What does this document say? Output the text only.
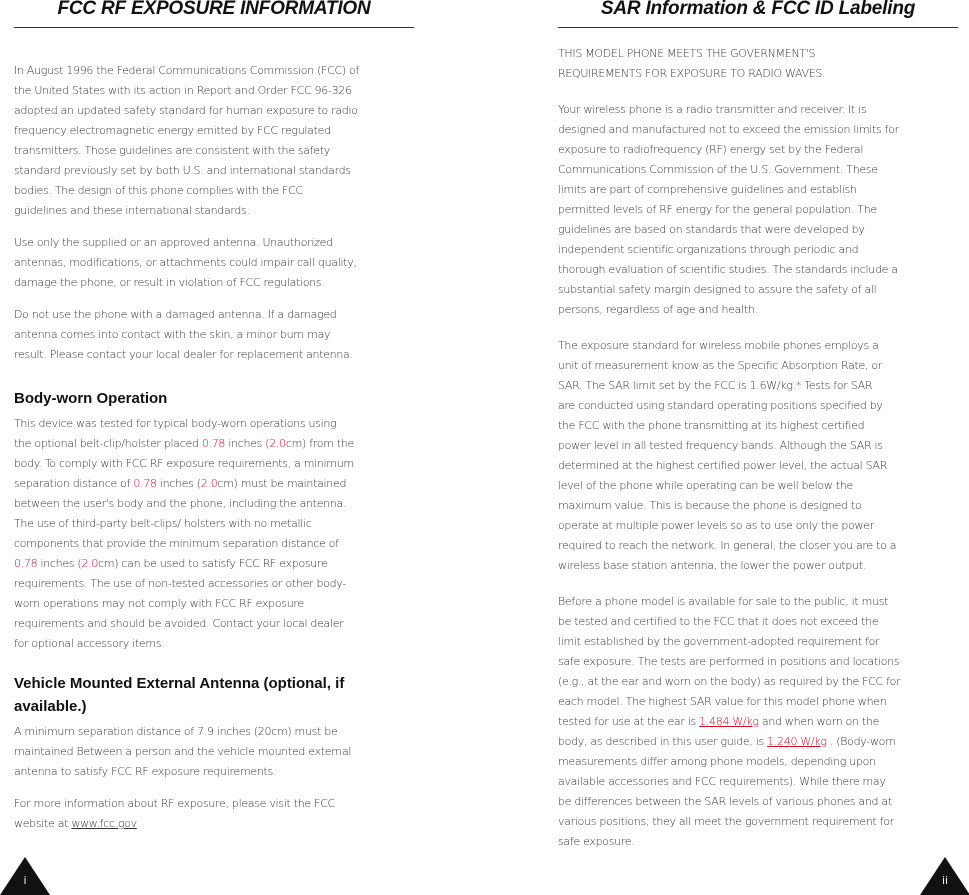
FCC RF EXPOSURE INFORMATION

In August 1996 the Federal Communications Commission (FCC) of
the United States with its action in Report and Order FCC 96-326
adopted an updated safety standard for human exposure to radio
frequency electromagnetic energy emitted by FCC regulated
transmitters. Those guidelines are consistent with the safety
standard previously set by both U.S. and international standards
bodies. The design of this phone complies with the FCC
guidelines and these international standards.

Use only the supplied or an approved antenna. Unauthorized
antennas, modifications, or attachments could impair call quality,
damage the phone, or result in violation of FCC regulations.

Do not use the phone with a damaged antenna. If a damaged
antenna comes into contact with the skin, a minor burn may
result. Please contact your local dealer for replacement antenna.

Body-worn Operation

This device was tested for typical body-worn operations using
the optional belt-clip/holster placed 0.78 inches (2.0cm) from the
body. To comply with FCC RF exposure requirements, a minimum
separation distance of 0.78 inches (2.0cm) must be maintained
between the user's body and the phone, including the antenna.
The use of third-party belt-clips/ holsters with no metallic
components that provide the minimum separation distance of
0.78 inches (2.0cm) can be used to satisfy FCC RF exposure
requirements. The use of non-tested accessories or other body-
worn operations may not comply with FCC RF exposure
requirements and should be avoided. Contact your local dealer
for optional accessory items.

Vehicle Mounted External Antenna (optional, if
available.)

A minimum separation distance of 7.9 inches (20cm) must be
maintained Between a person and the vehicle mounted external
antenna to satisfy FCC RF exposure requirements.

For more information about RF exposure, please visit the FCC
website at www.fcc.gov

SAR Information & FCC ID Labeling

THIS MODEL PHONE MEETS THE GOVERNMENT'S
REQUIREMENTS FOR EXPOSURE TO RADIO WAVES.

Your wireless phone is a radio transmitter and receiver. It is
designed and manufactured not to exceed the emission limits for
exposure to radiofrequency (RF) energy set by the Federal
Communications Commission of the U.S. Government. These
limits are part of comprehensive guidelines and establish
permitted levels of RF energy for the general population. The
guidelines are based on standards that were developed by
independent scientific organizations through periodic and
thorough evaluation of scientific studies. The standards include a
substantial safety margin designed to assure the safety of all
persons, regardless of age and health.

The exposure standard for wireless mobile phones employs a
unit of measurement know as the Specific Absorption Rate, or
SAR. The SAR limit set by the FCC is 1.6W/kg.* Tests for SAR
are conducted using standard operating positions specified by
the FCC with the phone transmitting at its highest certified
power level in all tested frequency bands. Although the SAR is
determined at the highest certified power level, the actual SAR
level of the phone while operating can be well below the
maximum value. This is because the phone is designed to
operate at multiple power levels so as to use only the power
required to reach the network. In general, the closer you are to a
wireless base station antenna, the lower the power output.

Before a phone model is available for sale to the public, it must
be tested and certified to the FCC that it does not exceed the
limit established by the government-adopted requirement for
safe exposure. The tests are performed in positions and locations
(e.g., at the ear and worn on the body) as required by the FCC for
each model. The highest SAR value for this model phone when
tested for use at the ear is 1.484 W/kg and when worn on the
body, as described in this user guide, is 1.240 W/kg . (Body-worn
measurements differ among phone models, depending upon
available accessories and FCC requirements). While there may
be differences between the SAR levels of various phones and at
various positions, they all meet the government requirement for
safe exposure.

i	ii
